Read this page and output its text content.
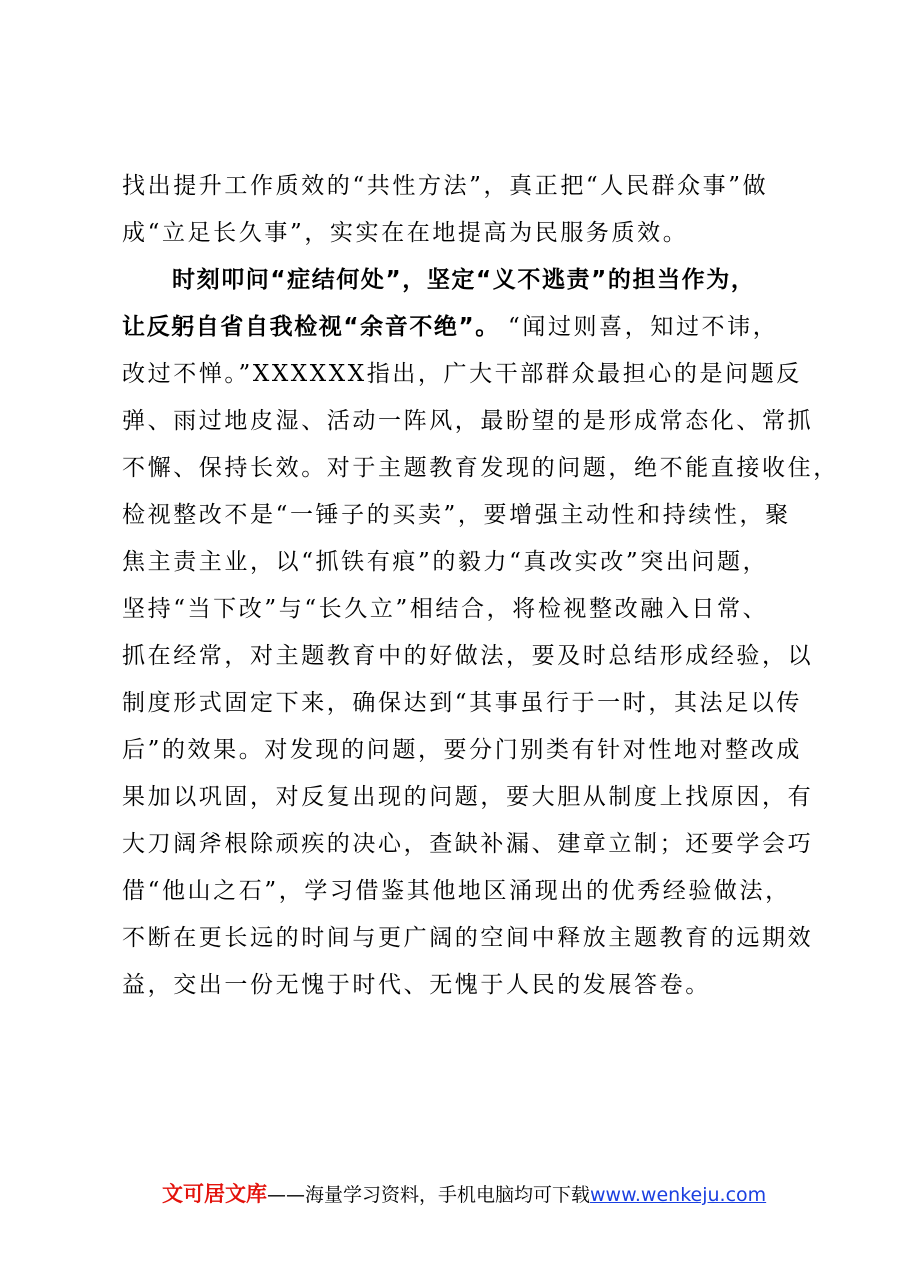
找出提升工作质效的“共性方法”，真正把“人民群众事”做
成“立足长久事”，实实在在地提高为民服务质效。
时刻叩问“症结何处”，坚定“义不逃责”的担当作为，
让反躬自省自我检视“余音不绝”。 “闻过则喜，知过不讳，
改过不惮。”XXXXXX指出，广大干部群众最担心的是问题反
弹、雨过地皮湿、活动一阵风，最盼望的是形成常态化、常抓
不懈、保持长效。对于主题教育发现的问题，绝不能直接收住，
检视整改不是“一锤子的买卖”，要增强主动性和持续性，聚
焦主责主业，以“抓铁有痕”的毅力“真改实改”突出问题，
坚持“当下改”与“长久立”相结合，将检视整改融入日常、
抓在经常，对主题教育中的好做法，要及时总结形成经验，以
制度形式固定下来，确保达到“其事虽行于一时，其法足以传
后”的效果。对发现的问题，要分门别类有针对性地对整改成
果加以巩固，对反复出现的问题，要大胆从制度上找原因，有
大刀阔斧根除顽疾的决心，查缺补漏、建章立制；还要学会巧
借“他山之石”，学习借鉴其他地区涌现出的优秀经验做法，
不断在更长远的时间与更广阔的空间中释放主题教育的远期效
益，交出一份无愧于时代、无愧于人民的发展答卷。
文可居文库——海量学习资料，手机电脑均可下载www.wenkeju.com
